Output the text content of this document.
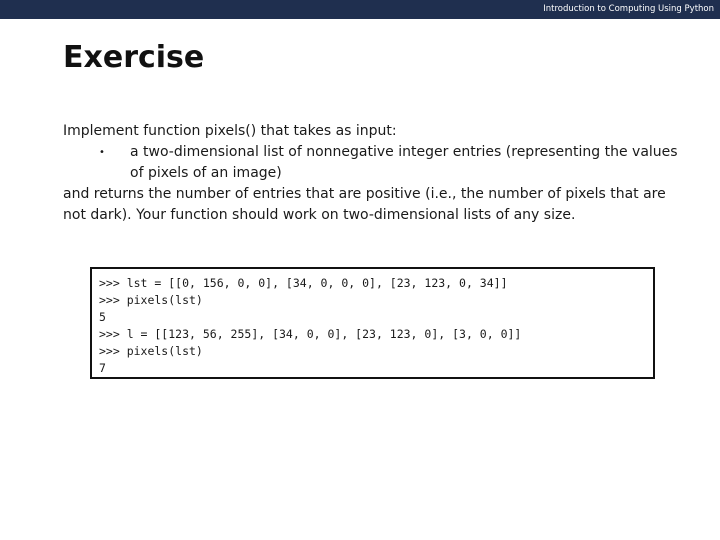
Introduction to Computing Using Python
Exercise

Implement function pixels() that takes as input:

• a two-dimensional list of nonnegative integer entries (representing the values of pixels of an image)

and returns the number of entries that are positive (i.e., the number of pixels that are

not dark). Your function should work on two-dimensional lists of any size.

>>> lst = [[0, 156, 0, 0], [34, 0, 0, 0], [23, 123, 0, 34]]
>>> pixels(lst)
5
>>> l = [[123, 56, 255], [34, 0, 0], [23, 123, 0], [3, 0, 0]]
>>> pixels(lst)
7
